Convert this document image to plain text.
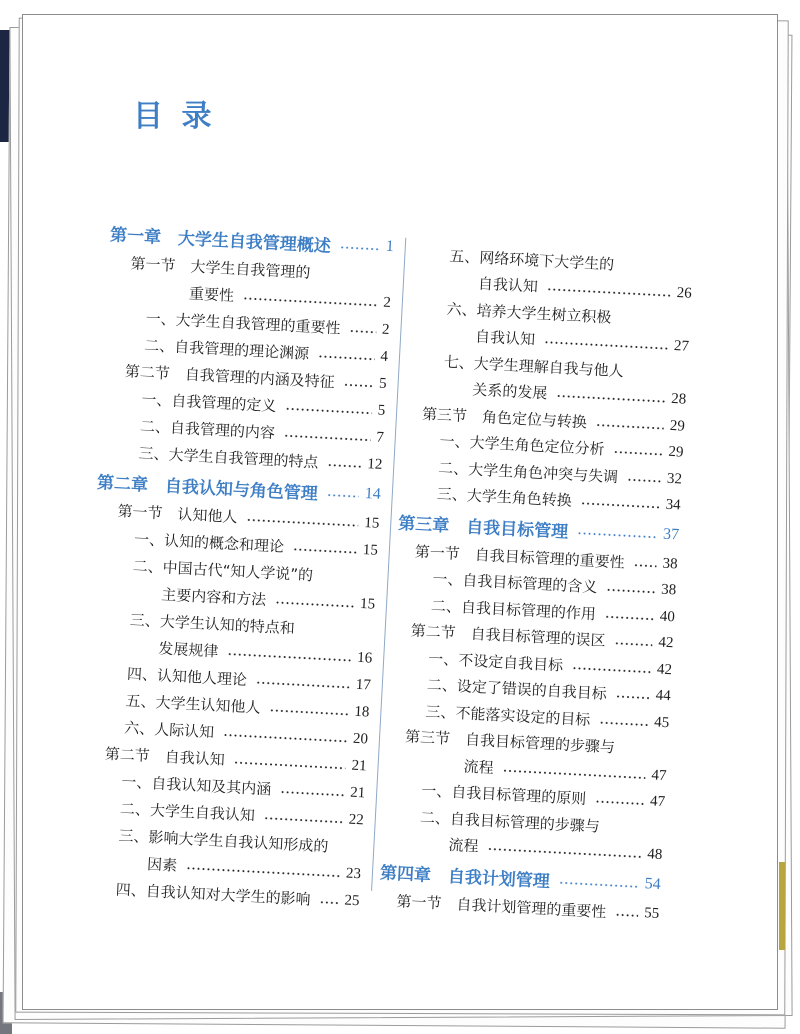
目 录
第一章 大学生自我管理概述	1
第一节 大学生自我管理的
重要性	2
一、 大学生自我管理的重要性	2
二、 自我管理的理论渊源	4
第二节 自我管理的内涵及特征	5
一、 自我管理的定义	5
二、 自我管理的内容	7
三、 大学生自我管理的特点	12
第二章 自我认知与角色管理	14
第一节 认知他人	15
一、 认知的概念和理论	15
二、 中国古代“知人学说”的
主要内容和方法	15
三、 大学生认知的特点和
发展规律	16
四、 认知他人理论	17
五、 大学生认知他人	18
六、 人际认知	20
第二节 自我认知	21
一、 自我认知及其内涵	21
二、 大学生自我认知	22
三、 影响大学生自我认知形成的
因素	23
四、 自我认知对大学生的影响 25
五、 网络环境下大学生的
自我认知	26
六、 培养大学生树立积极
自我认知	27
七、 大学生理解自我与他人
关系的发展	28
第三节 角色定位与转换	29
一、 大学生角色定位分析	29
二、 大学生角色冲突与失调	32
三、 大学生角色转换	34
第三章 自我目标管理	37
第一节 自我目标管理的重要性 38
一、 自我目标管理的含义	38
二、 自我目标管理的作用	40
第二节 自我目标管理的误区	42
一、 不设定自我目标	42
二、 设定了错误的自我目标	44
三、 不能落实设定的目标	45
第三节 自我目标管理的步骤与
流程	47
一、 自我目标管理的原则	47
二、 自我目标管理的步骤与
流程	48
第四章 自我计划管理	54
第一节 自我计划管理的重要性 55
